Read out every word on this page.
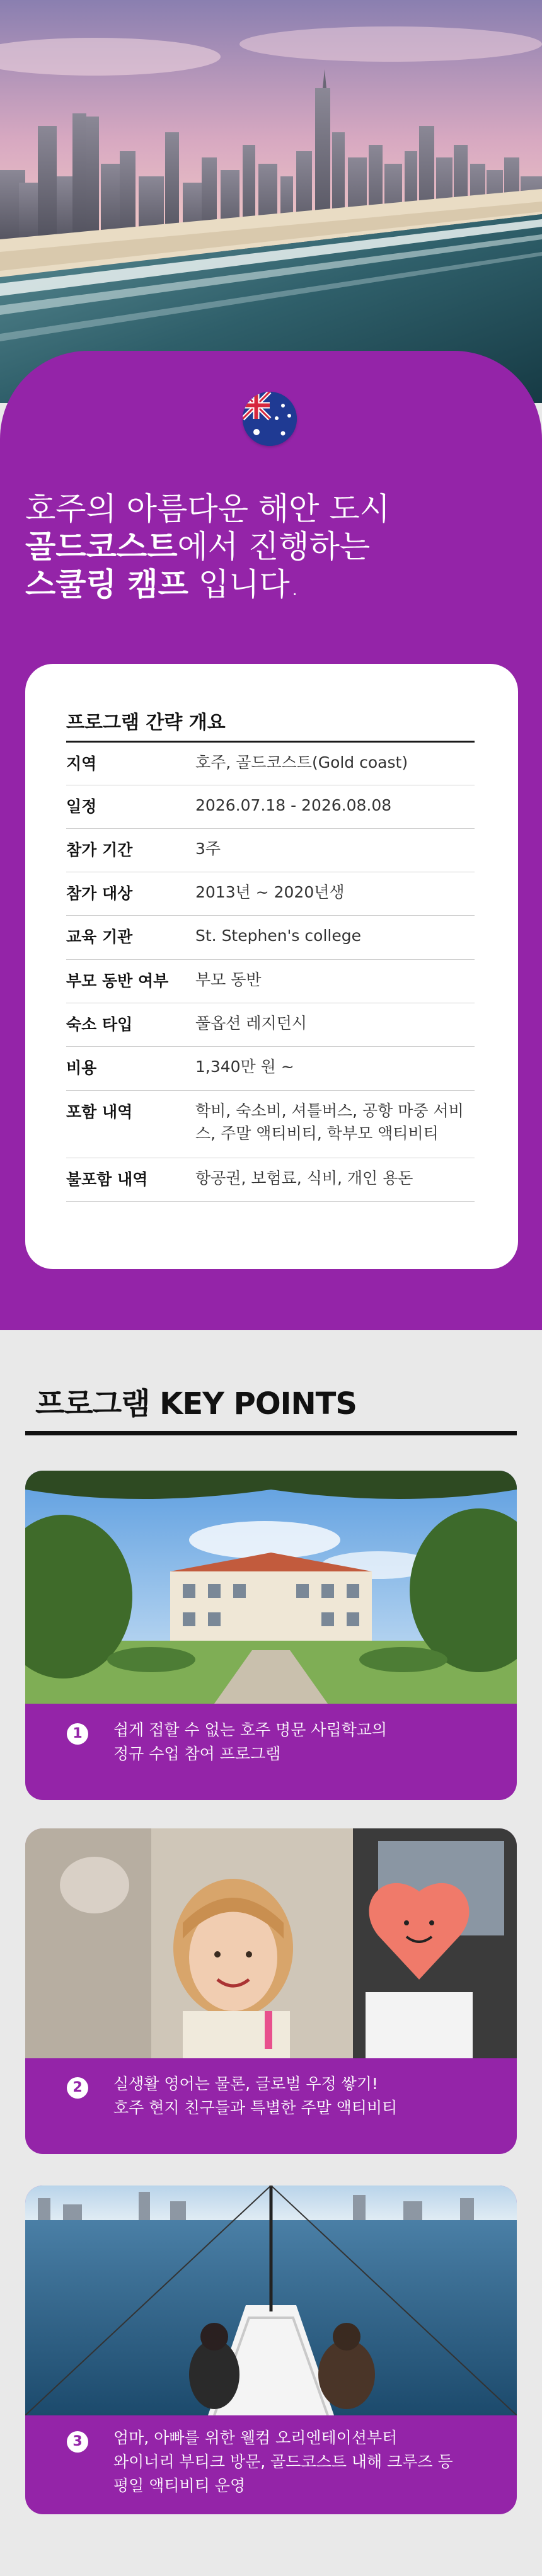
호주의 아름다운 해안 도시
골드코스트에서 진행하는
스쿨링 캠프 입니다.
프로그램 간략 개요
지역	호주, 골드코스트(Gold coast)
일정	2026.07.18 - 2026.08.08
참가 기간	3주
참가 대상	2013년 ~ 2020년생
교육 기관	St. Stephen's college
부모 동반 여부	부모 동반
숙소 타입	풀옵션 레지던시
비용	1,340만 원 ~
포함 내역	학비, 숙소비, 셔틀버스, 공항 마중 서비스, 주말 액티비티, 학부모 액티비티
불포함 내역	항공권, 보험료, 식비, 개인 용돈
프로그램 KEY POINTS
1	쉽게 접할 수 없는 호주 명문 사립학교의
정규 수업 참여 프로그램
2	실생활 영어는 물론, 글로벌 우정 쌓기!
호주 현지 친구들과 특별한 주말 액티비티
3	엄마, 아빠를 위한 웰컴 오리엔테이션부터
와이너리 부티크 방문, 골드코스트 내해 크루즈 등
평일 액티비티 운영
